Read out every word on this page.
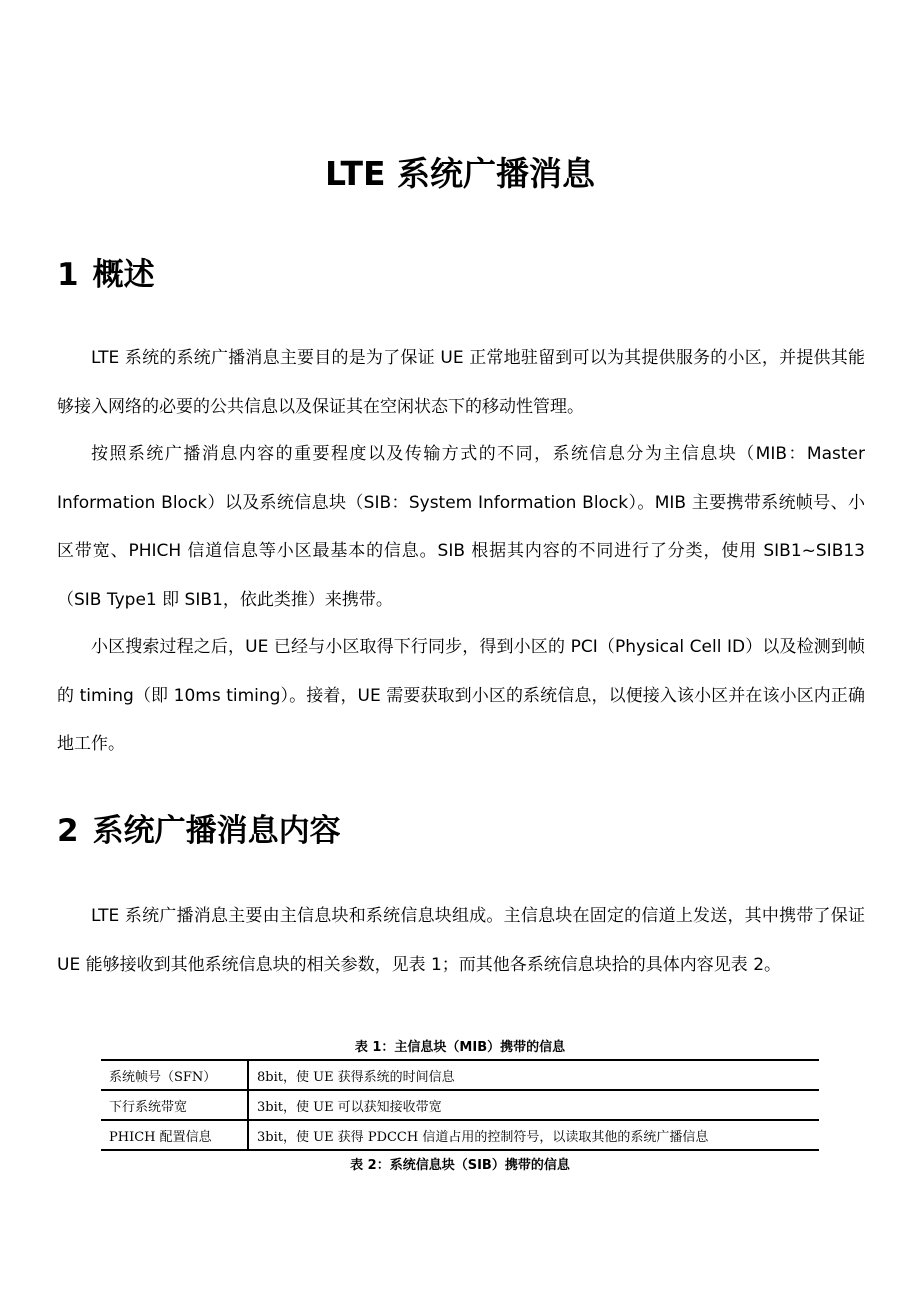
LTE 系统广播消息
1 概述

LTE 系统的系统广播消息主要目的是为了保证 UE 正常地驻留到可以为其提供服务的小区，并提供其能够接入网络的必要的公共信息以及保证其在空闲状态下的移动性管理。

按照系统广播消息内容的重要程度以及传输方式的不同，系统信息分为主信息块（MIB：Master Information Block）以及系统信息块（SIB：System Information Block）。MIB 主要携带系统帧号、小区带宽、PHICH 信道信息等小区最基本的信息。SIB 根据其内容的不同进行了分类，使用 SIB1~SIB13（SIB Type1 即 SIB1，依此类推）来携带。

小区搜索过程之后，UE 已经与小区取得下行同步，得到小区的 PCI（Physical Cell ID）以及检测到帧的 timing（即 10ms timing）。接着，UE 需要获取到小区的系统信息，以便接入该小区并在该小区内正确地工作。

2 系统广播消息内容

LTE 系统广播消息主要由主信息块和系统信息块组成。主信息块在固定的信道上发送，其中携带了保证 UE 能够接收到其他系统信息块的相关参数，见表 1；而其他各系统信息块拾的具体内容见表 2。

表 1：主信息块（MIB）携带的信息

系统帧号（SFN）	8bit，使 UE 获得系统的时间信息
下行系统带宽	3bit，使 UE 可以获知接收带宽
PHICH 配置信息	3bit，使 UE 获得 PDCCH 信道占用的控制符号，以读取其他的系统广播信息

表 2：系统信息块（SIB）携带的信息
